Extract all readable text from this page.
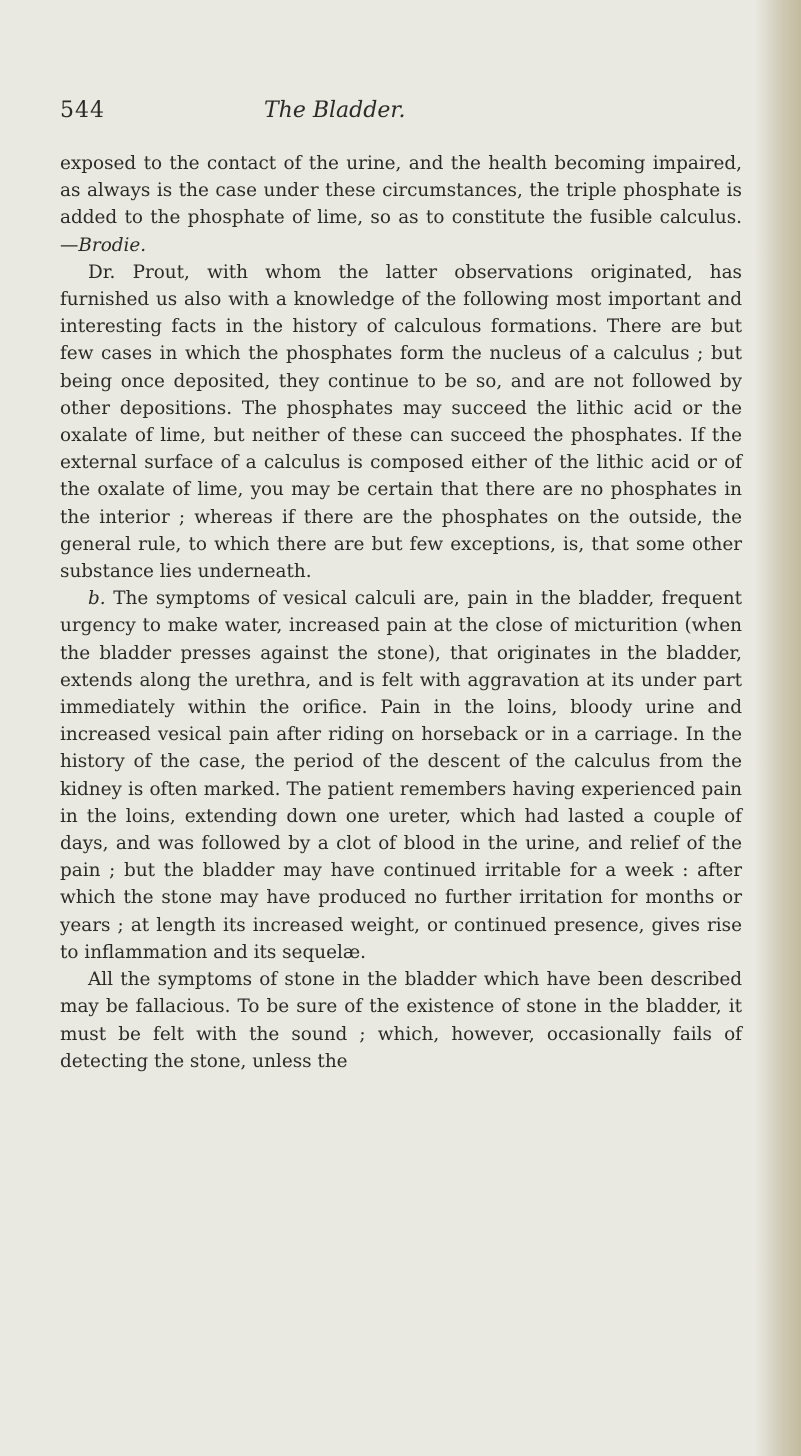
544	The Bladder.

exposed to the contact of the urine, and the health becoming impaired, as always is the case under these circumstances, the triple phosphate is added to the phosphate of lime, so as to constitute the fusible calculus.—Brodie.

Dr. Prout, with whom the latter observations originated, has furnished us also with a knowledge of the following most important and interesting facts in the history of calculous formations. There are but few cases in which the phosphates form the nucleus of a calculus ; but being once deposited, they continue to be so, and are not followed by other depositions. The phosphates may succeed the lithic acid or the oxalate of lime, but neither of these can succeed the phosphates. If the external surface of a calculus is composed either of the lithic acid or of the oxalate of lime, you may be certain that there are no phosphates in the interior ; whereas if there are the phosphates on the outside, the general rule, to which there are but few exceptions, is, that some other substance lies underneath.

b. The symptoms of vesical calculi are, pain in the bladder, frequent urgency to make water, increased pain at the close of micturition (when the bladder presses against the stone), that originates in the bladder, extends along the urethra, and is felt with aggravation at its under part immediately within the orifice. Pain in the loins, bloody urine and increased vesical pain after riding on horseback or in a carriage. In the history of the case, the period of the descent of the calculus from the kidney is often marked. The patient remembers having experienced pain in the loins, extending down one ureter, which had lasted a couple of days, and was followed by a clot of blood in the urine, and relief of the pain ; but the bladder may have continued irritable for a week : after which the stone may have produced no further irritation for months or years ; at length its increased weight, or continued presence, gives rise to inflammation and its sequelæ.

All the symptoms of stone in the bladder which have been described may be fallacious. To be sure of the existence of stone in the bladder, it must be felt with the sound ; which, however, occasionally fails of detecting the stone, unless the
